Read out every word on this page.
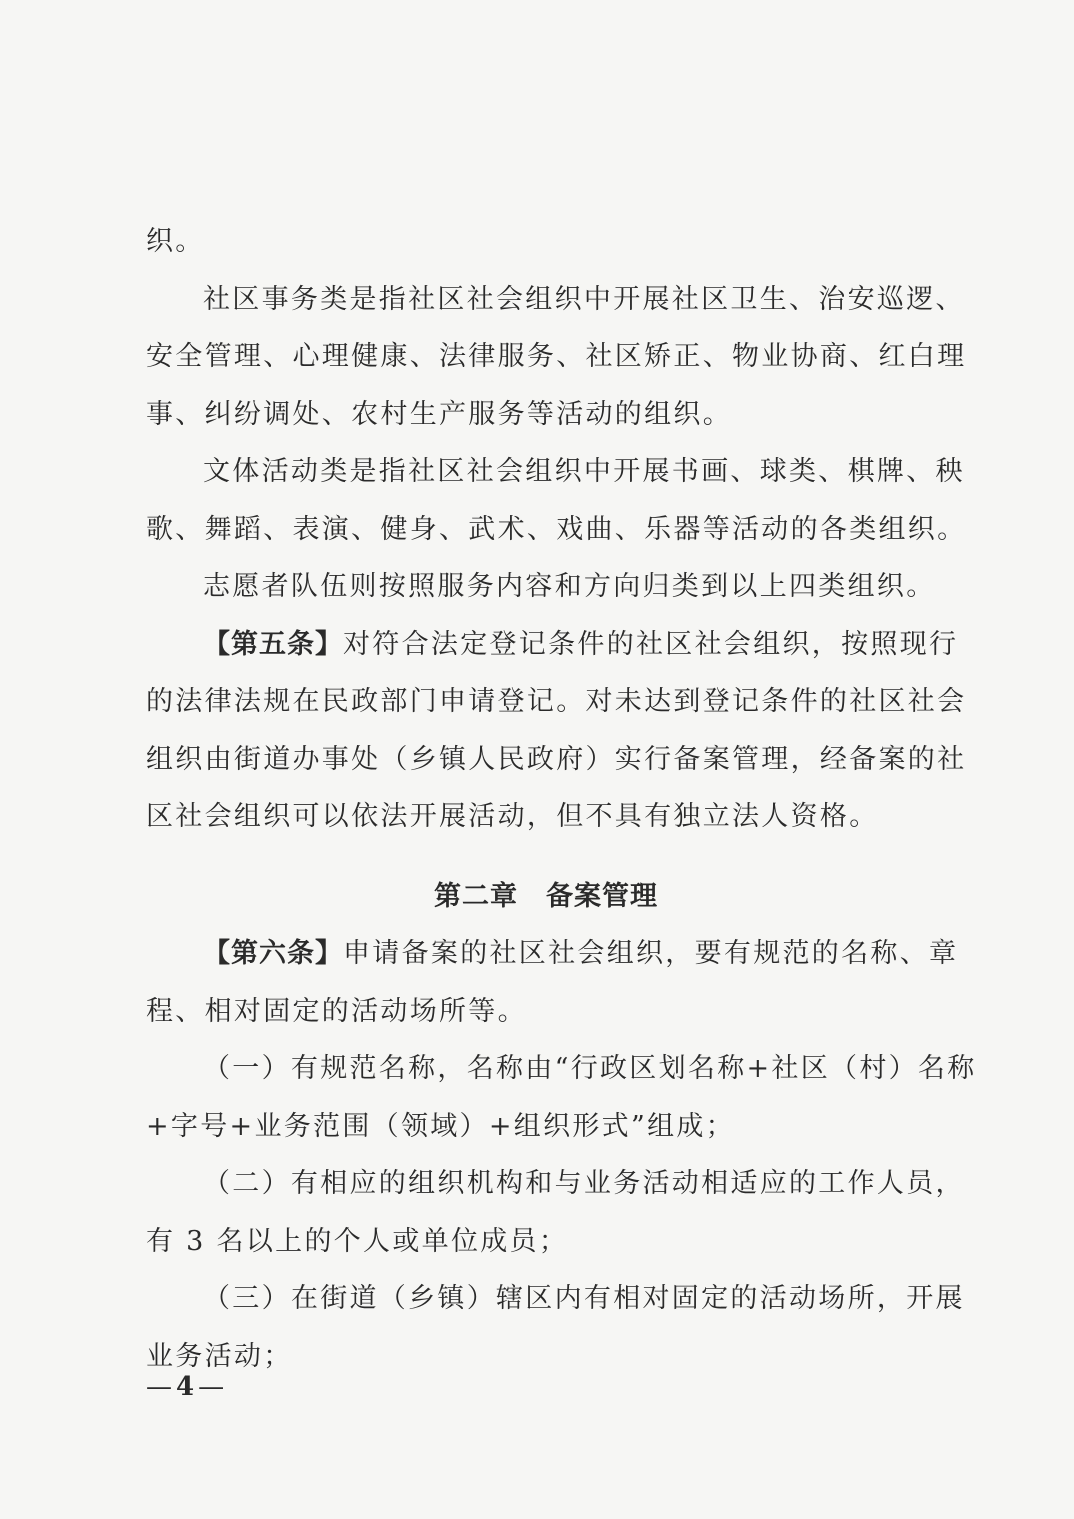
织。
社区事务类是指社区社会组织中开展社区卫生、治安巡逻、
安全管理、心理健康、法律服务、社区矫正、物业协商、红白理
事、纠纷调处、农村生产服务等活动的组织。
文体活动类是指社区社会组织中开展书画、球类、棋牌、秧
歌、舞蹈、表演、健身、武术、戏曲、乐器等活动的各类组织。
志愿者队伍则按照服务内容和方向归类到以上四类组织。
【第五条】对符合法定登记条件的社区社会组织，按照现行
的法律法规在民政部门申请登记。对未达到登记条件的社区社会
组织由街道办事处（乡镇人民政府）实行备案管理，经备案的社
区社会组织可以依法开展活动，但不具有独立法人资格。
第二章　备案管理
【第六条】申请备案的社区社会组织，要有规范的名称、章
程、相对固定的活动场所等。
（一）有规范名称，名称由“行政区划名称+社区（村）名称
+字号+业务范围（领域）+组织形式”组成；
（二）有相应的组织机构和与业务活动相适应的工作人员，
有 3 名以上的个人或单位成员；
（三）在街道（乡镇）辖区内有相对固定的活动场所，开展
业务活动；
— 4 —
